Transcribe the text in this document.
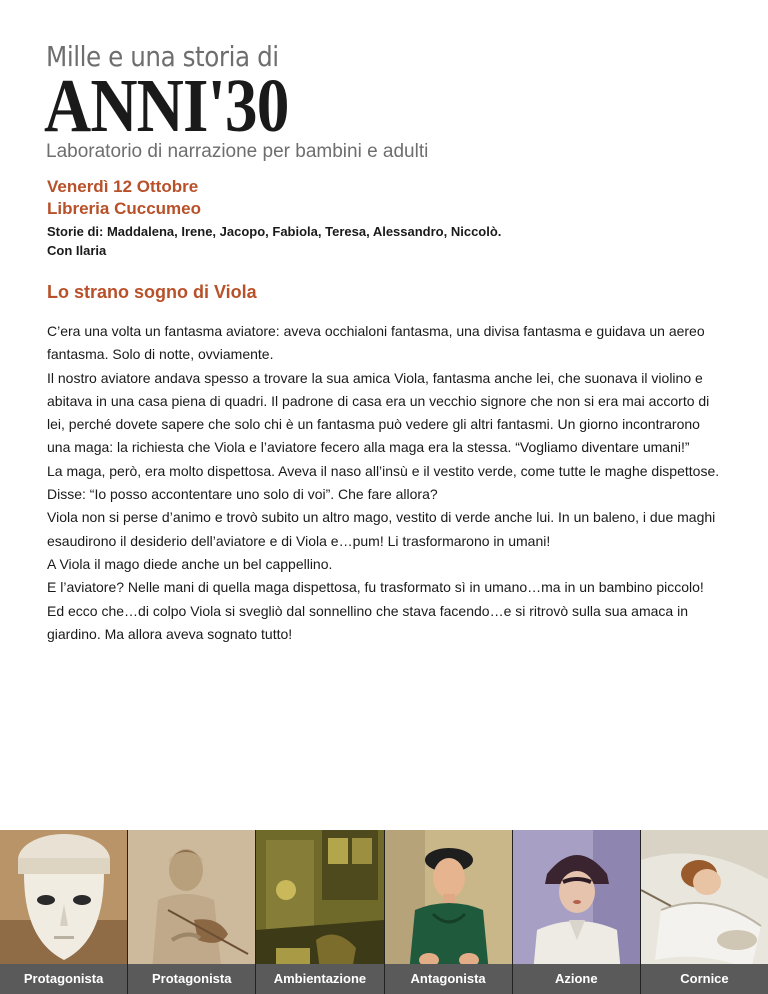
Mille e una storia di
ANNI'30
Laboratorio di narrazione per bambini e adulti
Venerdì 12 Ottobre
Libreria Cuccumeo
Storie di: Maddalena, Irene, Jacopo, Fabiola, Teresa, Alessandro, Niccolò.
Con Ilaria
Lo strano sogno di Viola

C’era una volta un fantasma aviatore: aveva occhialoni fantasma, una divisa fantasma e guidava un aereo fantasma. Solo di notte, ovviamente.

Il nostro aviatore andava spesso a trovare la sua amica Viola, fantasma anche lei, che suonava il violino e abitava in una casa piena di quadri. Il padrone di casa era un vecchio signore che non si era mai accorto di lei, perché dovete sapere che solo chi è un fantasma può vedere gli altri fantasmi. Un giorno incontrarono una maga: la richiesta che Viola e l’aviatore fecero alla maga era la stessa. “Vogliamo diventare umani!”

La maga, però, era molto dispettosa. Aveva il naso all’insù e il vestito verde, come tutte le maghe dispettose. Disse: “Io posso accontentare uno solo di voi”. Che fare allora?

Viola non si perse d’animo e trovò subito un altro mago, vestito di verde anche lui. In un baleno, i due maghi esaudirono il desiderio dell’aviatore e di Viola e…pum! Li trasformarono in umani!

A Viola il mago diede anche un bel cappellino.

E l’aviatore? Nelle mani di quella maga dispettosa, fu trasformato sì in umano…ma in un bambino piccolo!

Ed ecco che…di colpo Viola si svegliò dal sonnellino che stava facendo…e si ritrovò sulla sua amaca in giardino. Ma allora aveva sognato tutto!

Protagonista	Protagonista	Ambientazione	Antagonista	Azione	Cornice
